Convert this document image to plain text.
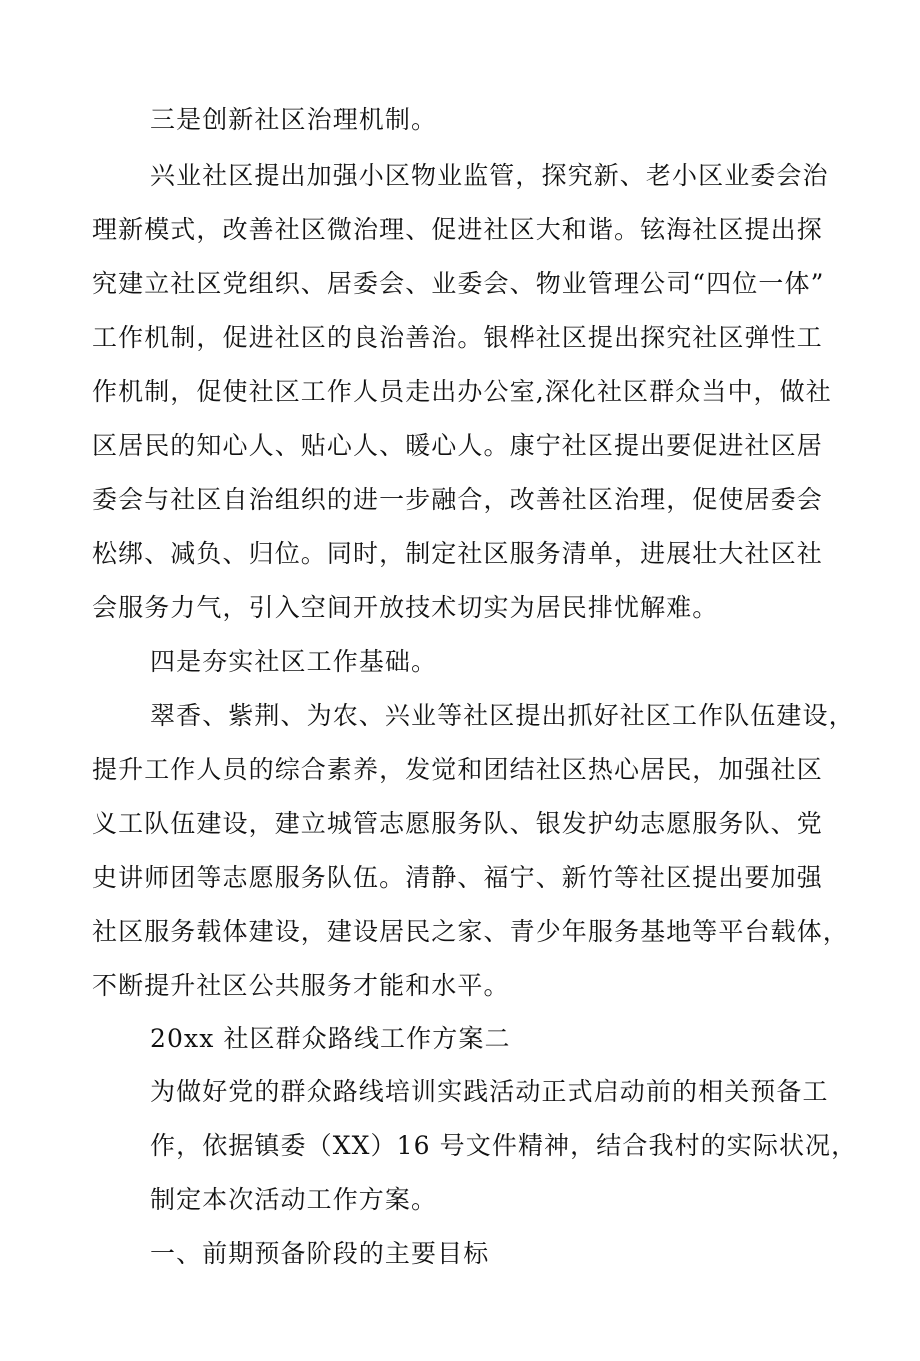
三是创新社区治理机制。
兴业社区提出加强小区物业监管，探究新、老小区业委会治
理新模式，改善社区微治理、促进社区大和谐。铉海社区提出探
究建立社区党组织、居委会、业委会、物业管理公司“四位一体”
工作机制，促进社区的良治善治。银桦社区提出探究社区弹性工
作机制，促使社区工作人员走出办公室,深化社区群众当中，做社
区居民的知心人、贴心人、暖心人。康宁社区提出要促进社区居
委会与社区自治组织的进一步融合，改善社区治理，促使居委会
松绑、减负、归位。同时，制定社区服务清单，进展壮大社区社
会服务力气，引入空间开放技术切实为居民排忧解难。
四是夯实社区工作基础。
翠香、紫荆、为农、兴业等社区提出抓好社区工作队伍建设，
提升工作人员的综合素养，发觉和团结社区热心居民，加强社区
义工队伍建设，建立城管志愿服务队、银发护幼志愿服务队、党
史讲师团等志愿服务队伍。清静、福宁、新竹等社区提出要加强
社区服务载体建设，建设居民之家、青少年服务基地等平台载体，
不断提升社区公共服务才能和水平。
20xx 社区群众路线工作方案二
为做好党的群众路线培训实践活动正式启动前的相关预备工
作，依据镇委（XX）16 号文件精神，结合我村的实际状况，
制定本次活动工作方案。
一、前期预备阶段的主要目标
